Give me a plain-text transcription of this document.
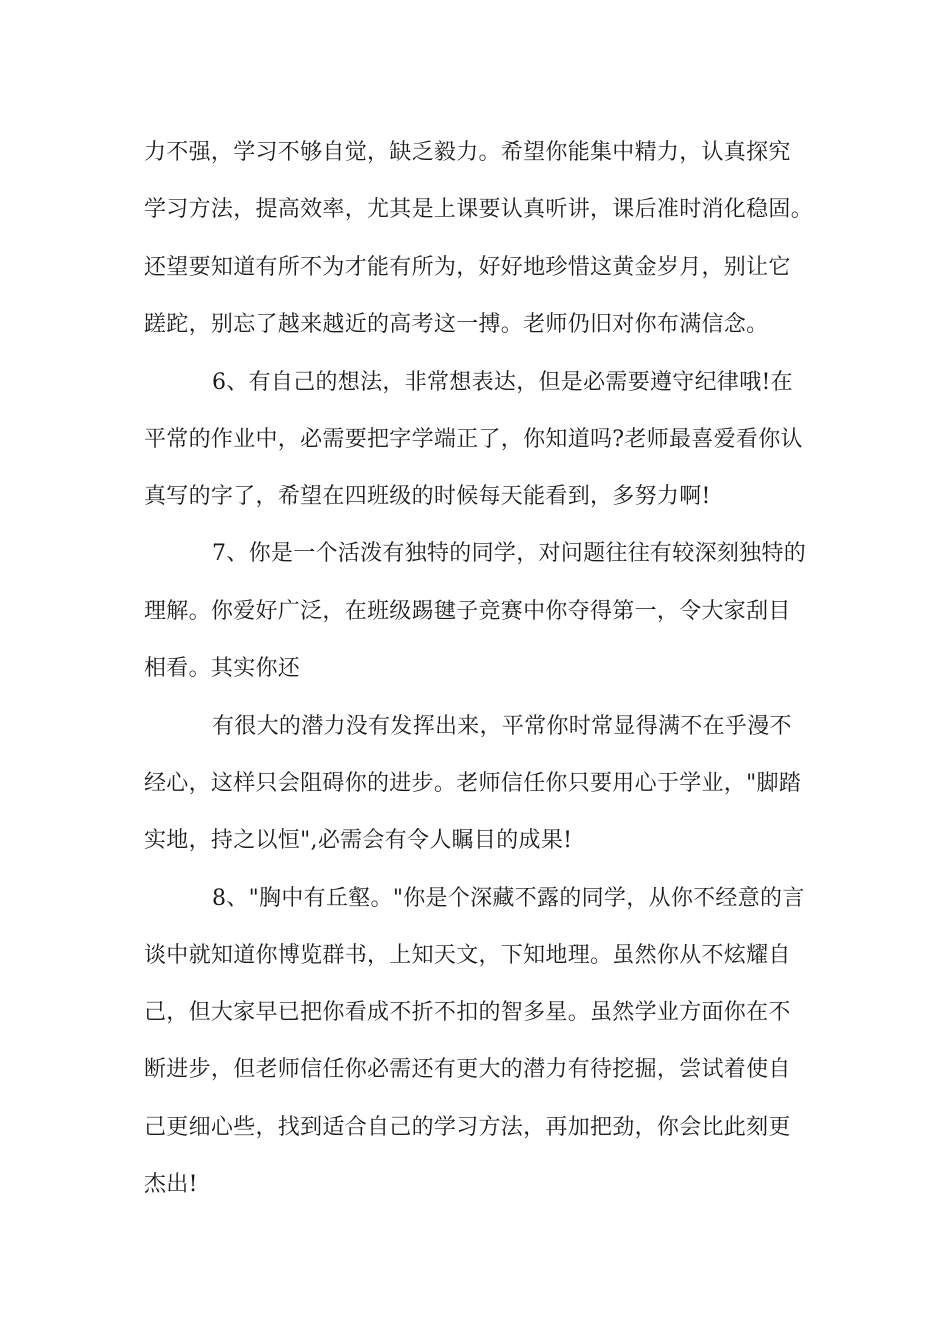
力不强，学习不够自觉，缺乏毅力。希望你能集中精力，认真探究
学习方法，提高效率，尤其是上课要认真听讲，课后准时消化稳固。
还望要知道有所不为才能有所为，好好地珍惜这黄金岁月，别让它
蹉跎，别忘了越来越近的高考这一搏。老师仍旧对你布满信念。
6、有自己的想法，非常想表达，但是必需要遵守纪律哦!在
平常的作业中，必需要把字学端正了，你知道吗?老师最喜爱看你认
真写的字了，希望在四班级的时候每天能看到，多努力啊!
7、你是一个活泼有独特的同学，对问题往往有较深刻独特的
理解。你爱好广泛，在班级踢毽子竞赛中你夺得第一，令大家刮目
相看。其实你还
有很大的潜力没有发挥出来，平常你时常显得满不在乎漫不
经心，这样只会阻碍你的进步。老师信任你只要用心于学业，"脚踏
实地，持之以恒",必需会有令人瞩目的成果!
8、"胸中有丘壑。"你是个深藏不露的同学，从你不经意的言
谈中就知道你博览群书，上知天文，下知地理。虽然你从不炫耀自
己，但大家早已把你看成不折不扣的智多星。虽然学业方面你在不
断进步，但老师信任你必需还有更大的潜力有待挖掘，尝试着使自
己更细心些，找到适合自己的学习方法，再加把劲，你会比此刻更
杰出!
